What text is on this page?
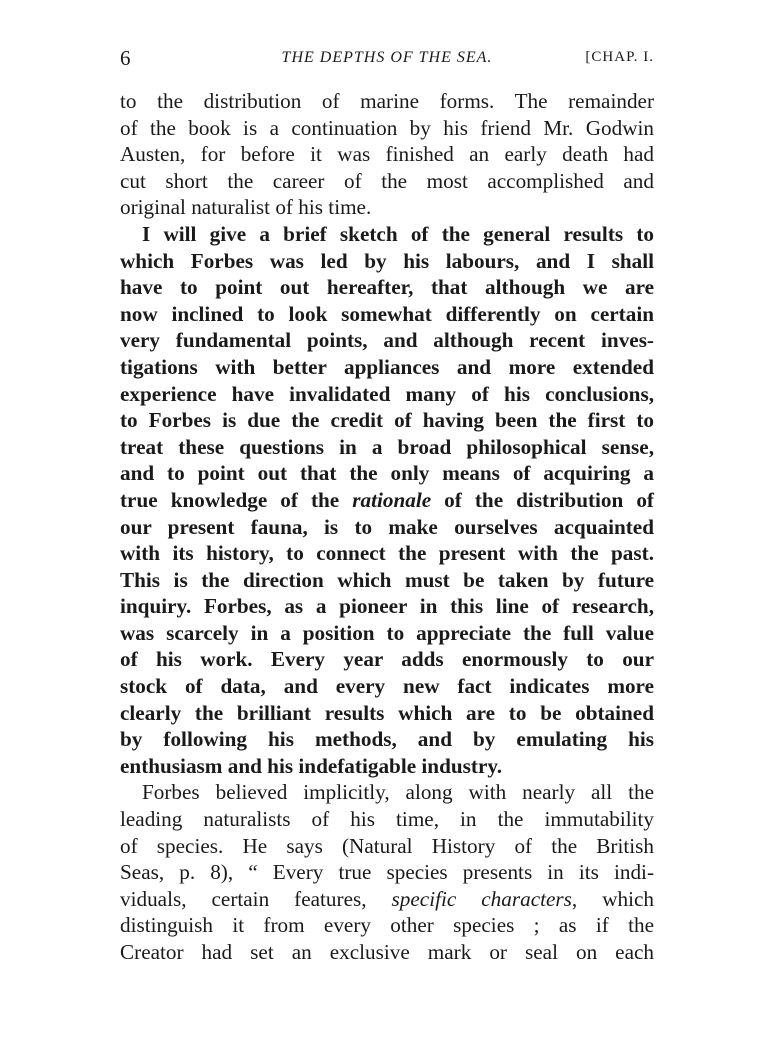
6	THE DEPTHS OF THE SEA.	[CHAP. I.
to the distribution of marine forms. The remainder
of the book is a continuation by his friend Mr. Godwin
Austen, for before it was finished an early death had
cut short the career of the most accomplished and
original naturalist of his time.
I will give a brief sketch of the general results to
which Forbes was led by his labours, and I shall
have to point out hereafter, that although we are
now inclined to look somewhat differently on certain
very fundamental points, and although recent inves-
tigations with better appliances and more extended
experience have invalidated many of his conclusions,
to Forbes is due the credit of having been the first to
treat these questions in a broad philosophical sense,
and to point out that the only means of acquiring a
true knowledge of the rationale of the distribution of
our present fauna, is to make ourselves acquainted
with its history, to connect the present with the past.
This is the direction which must be taken by future
inquiry. Forbes, as a pioneer in this line of research,
was scarcely in a position to appreciate the full value
of his work. Every year adds enormously to our
stock of data, and every new fact indicates more
clearly the brilliant results which are to be obtained
by following his methods, and by emulating his
enthusiasm and his indefatigable industry.
Forbes believed implicitly, along with nearly all the
leading naturalists of his time, in the immutability
of species. He says (Natural History of the British
Seas, p. 8), “ Every true species presents in its indi-
viduals, certain features, specific characters, which
distinguish it from every other species ; as if the
Creator had set an exclusive mark or seal on each
